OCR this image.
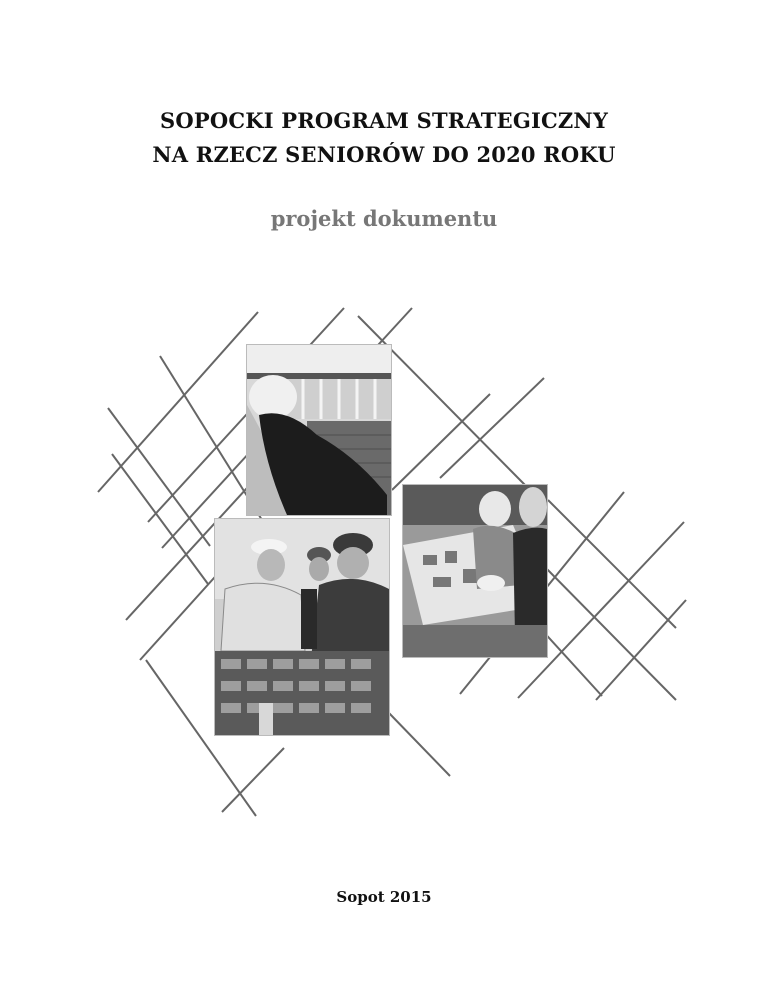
SOPOCKI PROGRAM STRATEGICZNY
NA RZECZ SENIORÓW DO 2020 ROKU
projekt dokumentu
Sopot 2015
